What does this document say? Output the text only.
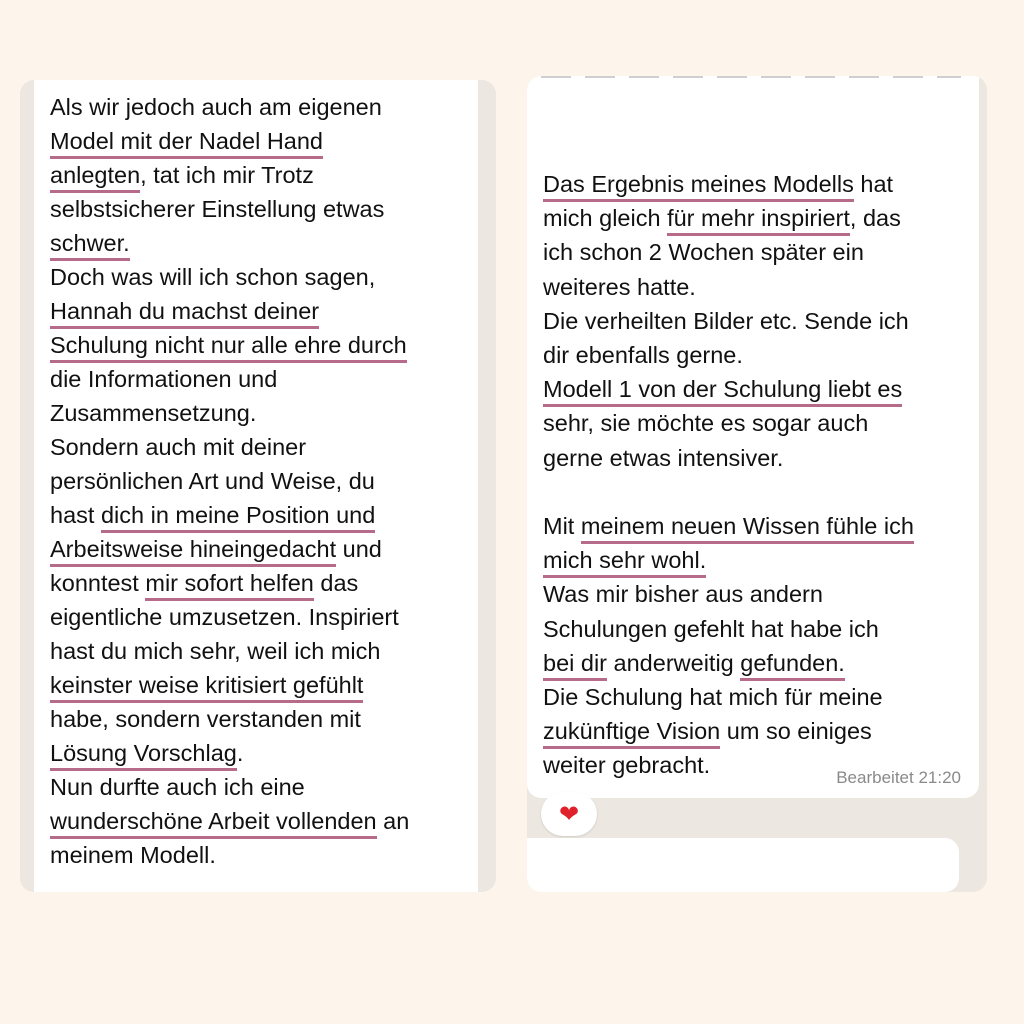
Als wir jedoch auch am eigenen
Model mit der Nadel Hand
anlegten, tat ich mir Trotz
selbstsicherer Einstellung etwas
schwer.
Doch was will ich schon sagen,
Hannah du machst deiner
Schulung nicht nur alle ehre durch
die Informationen und
Zusammensetzung.
Sondern auch mit deiner
persönlichen Art und Weise, du
hast dich in meine Position und
Arbeitsweise hineingedacht und
konntest mir sofort helfen das
eigentliche umzusetzen. Inspiriert
hast du mich sehr, weil ich mich
keinster weise kritisiert gefühlt
habe, sondern verstanden mit
Lösung Vorschlag.
Nun durfte auch ich eine
wunderschöne Arbeit vollenden an
meinem Modell.
Das Ergebnis meines Modells hat
mich gleich für mehr inspiriert, das
ich schon 2 Wochen später ein
weiteres hatte.
Die verheilten Bilder etc. Sende ich
dir ebenfalls gerne.
Modell 1 von der Schulung liebt es
sehr, sie möchte es sogar auch
gerne etwas intensiver.
Mit meinem neuen Wissen fühle ich
mich sehr wohl.
Was mir bisher aus andern
Schulungen gefehlt hat habe ich
bei dir anderweitig gefunden.
Die Schulung hat mich für meine
zukünftige Vision um so einiges
weiter gebracht.	Bearbeitet 21:20
❤
